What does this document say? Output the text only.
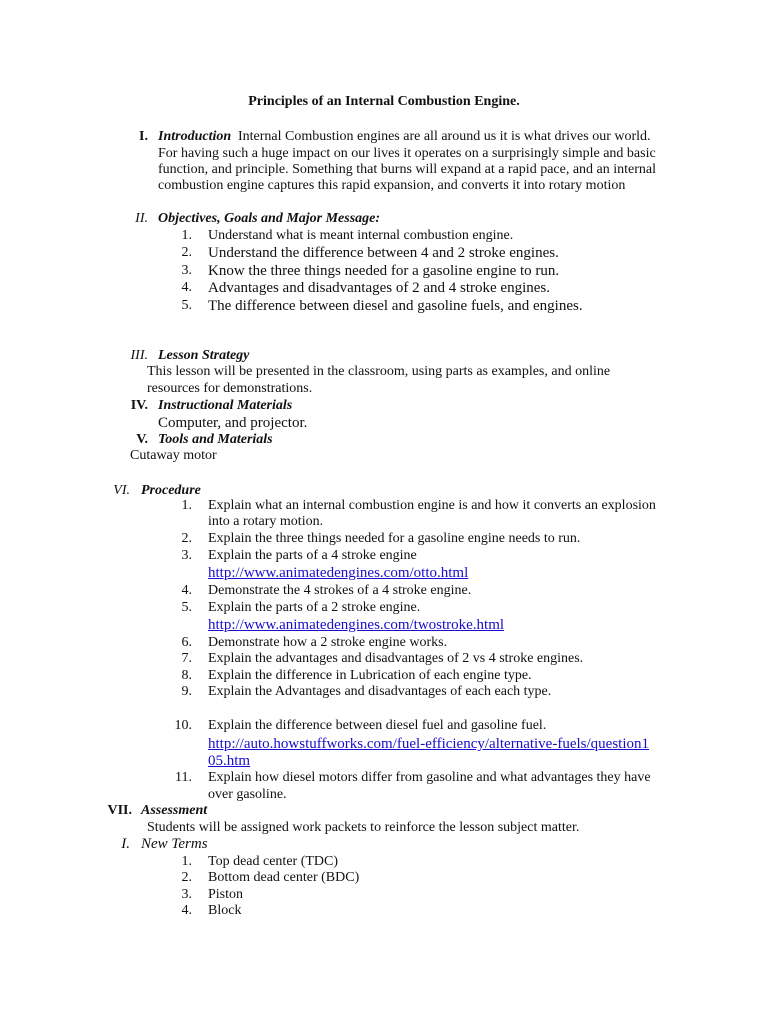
Principles of an Internal Combustion Engine.
I. Introduction Internal Combustion engines are all around us it is what drives our world.
For having such a huge impact on our lives it operates on a surprisingly simple and basic
function, and principle. Something that burns will expand at a rapid pace, and an internal
combustion engine captures this rapid expansion, and converts it into rotary motion
II. Objectives, Goals and Major Message:
1. Understand what is meant internal combustion engine.
2. Understand the difference between 4 and 2 stroke engines.
3. Know the three things needed for a gasoline engine to run.
4. Advantages and disadvantages of 2 and 4 stroke engines.
5. The difference between diesel and gasoline fuels, and engines.
III. Lesson Strategy
This lesson will be presented in the classroom, using parts as examples, and online
resources for demonstrations.
IV. Instructional Materials
Computer, and projector.
V. Tools and Materials
Cutaway motor
VI. Procedure
1. Explain what an internal combustion engine is and how it converts an explosion
into a rotary motion.
2. Explain the three things needed for a gasoline engine needs to run.
3. Explain the parts of a 4 stroke engine
http://www.animatedengines.com/otto.html
4. Demonstrate the 4 strokes of a 4 stroke engine.
5. Explain the parts of a 2 stroke engine.
http://www.animatedengines.com/twostroke.html
6. Demonstrate how a 2 stroke engine works.
7. Explain the advantages and disadvantages of 2 vs 4 stroke engines.
8. Explain the difference in Lubrication of each engine type.
9. Explain the Advantages and disadvantages of each each type.
10. Explain the difference between diesel fuel and gasoline fuel.
http://auto.howstuffworks.com/fuel-efficiency/alternative-fuels/question1
05.htm
11. Explain how diesel motors differ from gasoline and what advantages they have
over gasoline.
VII. Assessment
Students will be assigned work packets to reinforce the lesson subject matter.
I. New Terms
1. Top dead center (TDC)
2. Bottom dead center (BDC)
3. Piston
4. Block
